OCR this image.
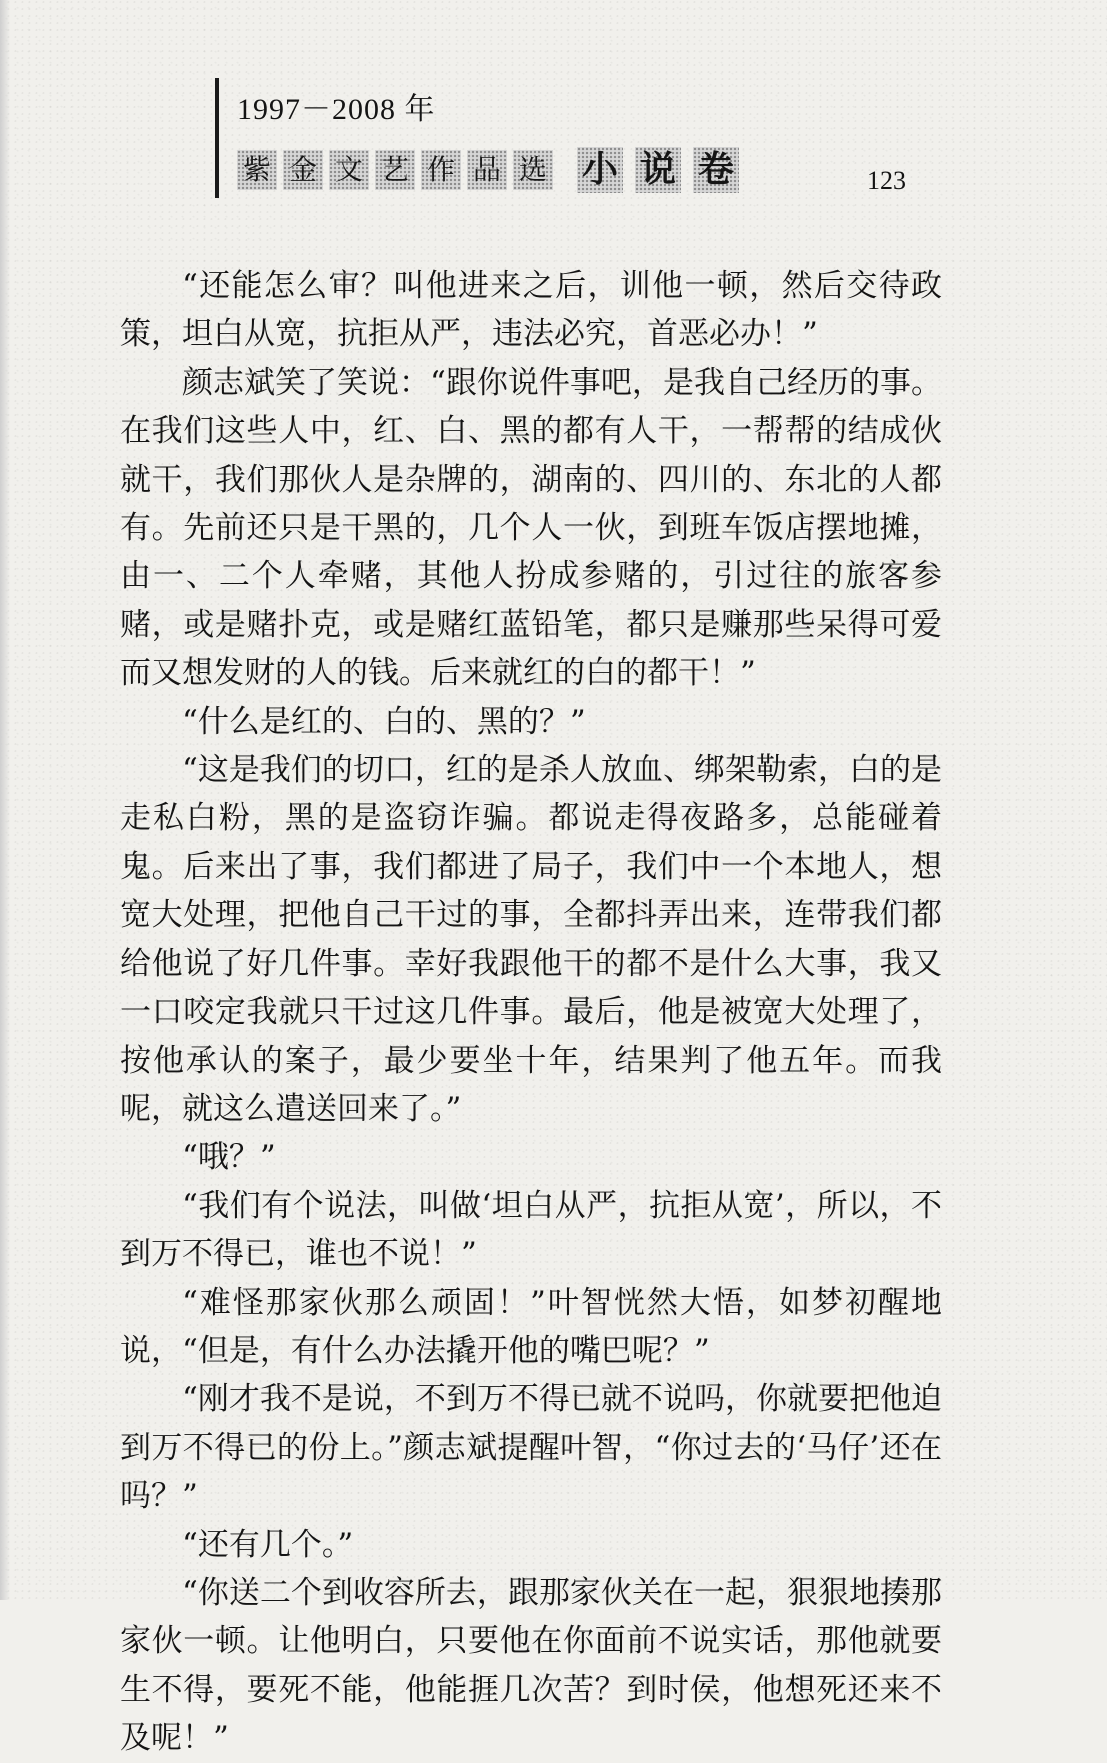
1997－2008 年
紫 金 文 艺 作 品 选 小 说 卷	123

“还能怎么审？叫他进来之后，训他一顿，然后交待政策，坦白从宽，抗拒从严，违法必究，首恶必办！”

颜志斌笑了笑说：“跟你说件事吧，是我自己经历的事。在我们这些人中，红、白、黑的都有人干，一帮帮的结成伙就干，我们那伙人是杂牌的，湖南的、四川的、东北的人都有。先前还只是干黑的，几个人一伙，到班车饭店摆地摊，由一、二个人牵赌，其他人扮成参赌的，引过往的旅客参赌，或是赌扑克，或是赌红蓝铅笔，都只是赚那些呆得可爱而又想发财的人的钱。后来就红的白的都干！”

“什么是红的、白的、黑的？”

“这是我们的切口，红的是杀人放血、绑架勒索，白的是走私白粉，黑的是盗窃诈骗。都说走得夜路多，总能碰着鬼。后来出了事，我们都进了局子，我们中一个本地人，想宽大处理，把他自己干过的事，全都抖弄出来，连带我们都给他说了好几件事。幸好我跟他干的都不是什么大事，我又一口咬定我就只干过这几件事。最后，他是被宽大处理了，按他承认的案子，最少要坐十年，结果判了他五年。而我呢，就这么遣送回来了。”

“哦？”

“我们有个说法，叫做‘坦白从严，抗拒从宽’，所以，不到万不得已，谁也不说！”

“难怪那家伙那么顽固！”叶智恍然大悟，如梦初醒地说，“但是，有什么办法撬开他的嘴巴呢？”

“刚才我不是说，不到万不得已就不说吗，你就要把他迫到万不得已的份上。”颜志斌提醒叶智，“你过去的‘马仔’还在吗？”

“还有几个。”

“你送二个到收容所去，跟那家伙关在一起，狠狠地揍那家伙一顿。让他明白，只要他在你面前不说实话，那他就要生不得，要死不能，他能捱几次苦？到时侯，他想死还来不及呢！”
